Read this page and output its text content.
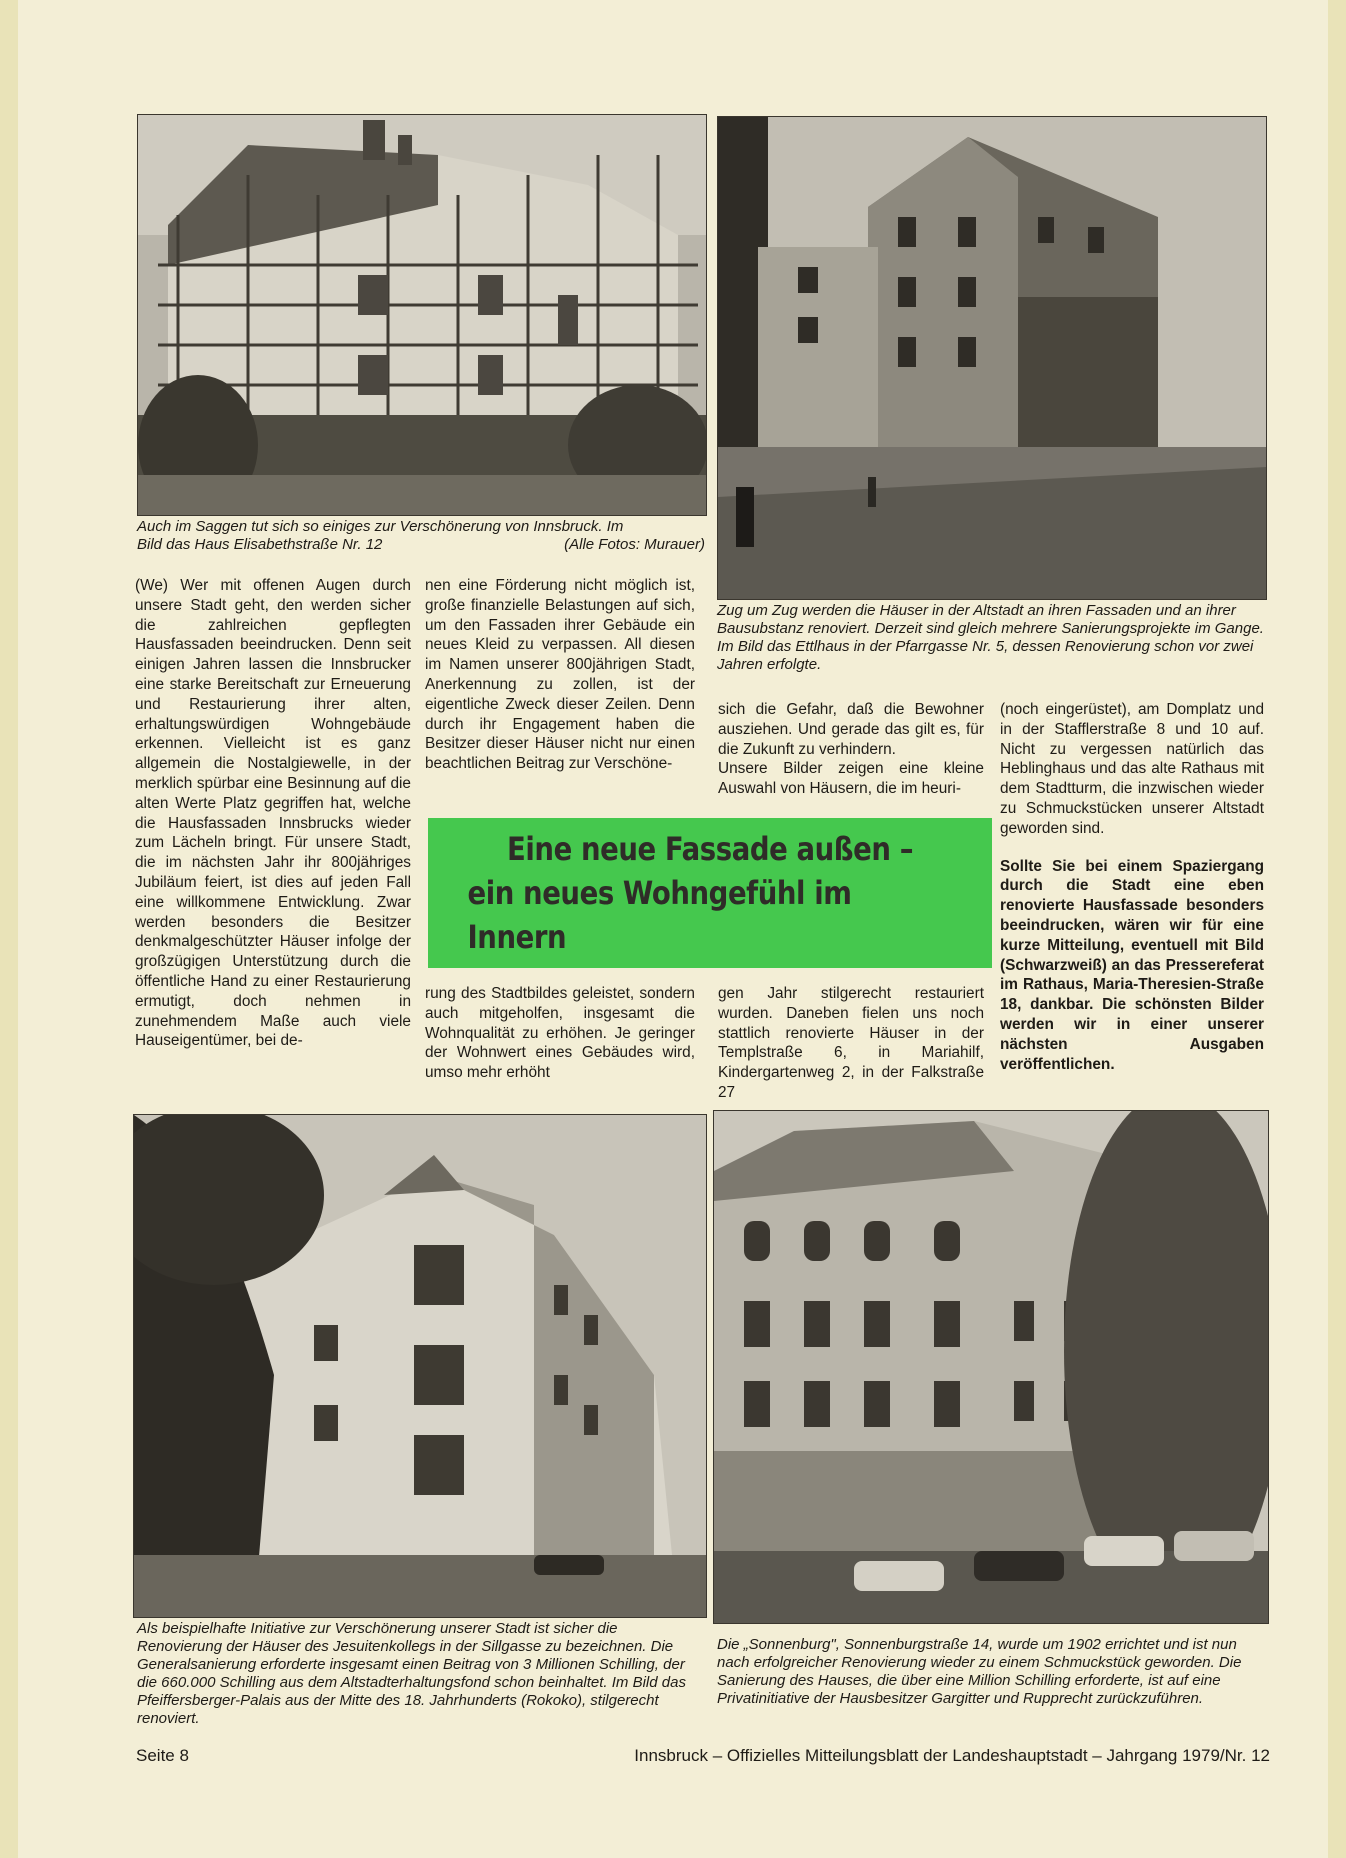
Auch im Saggen tut sich so einiges zur Verschönerung von Innsbruck. Im
Bild das Haus Elisabethstraße Nr. 12	(Alle Fotos: Murauer)
Zug um Zug werden die Häuser in der Altstadt an ihren Fassaden und an ihrer Bausubstanz renoviert. Derzeit sind gleich mehrere Sanierungsprojekte im Gange. Im Bild das Ettlhaus in der Pfarrgasse Nr. 5, dessen Renovierung schon vor zwei Jahren erfolgte.

(We) Wer mit offenen Augen durch unsere Stadt geht, den werden sicher die zahlreichen gepflegten Hausfassaden beeindrucken. Denn seit einigen Jahren lassen die Innsbrucker eine starke Bereitschaft zur Erneuerung und Restaurierung ihrer alten, erhaltungswürdigen Wohngebäude erkennen. Vielleicht ist es ganz allgemein die Nostalgiewelle, in der merklich spürbar eine Besinnung auf die alten Werte Platz gegriffen hat, welche die Hausfassaden Innsbrucks wieder zum Lächeln bringt. Für unsere Stadt, die im nächsten Jahr ihr 800jähriges Jubiläum feiert, ist dies auf jeden Fall eine willkommene Entwicklung. Zwar werden besonders die Besitzer denkmalgeschützter Häuser infolge der großzügigen Unterstützung durch die öffentliche Hand zu einer Restaurierung ermutigt, doch nehmen in zunehmendem Maße auch viele Hauseigentümer, bei de-

nen eine Förderung nicht möglich ist, große finanzielle Belastungen auf sich, um den Fassaden ihrer Gebäude ein neues Kleid zu verpassen. All diesen im Namen unserer 800jährigen Stadt, Anerkennung zu zollen, ist der eigentliche Zweck dieser Zeilen. Denn durch ihr Engagement haben die Besitzer dieser Häuser nicht nur einen beachtlichen Beitrag zur Verschöne-

sich die Gefahr, daß die Bewohner ausziehen. Und gerade das gilt es, für die Zukunft zu verhindern.

Unsere Bilder zeigen eine kleine Auswahl von Häusern, die im heuri-

(noch eingerüstet), am Domplatz und in der Stafflerstraße 8 und 10 auf. Nicht zu vergessen natürlich das Heblinghaus und das alte Rathaus mit dem Stadtturm, die inzwischen wieder zu Schmuckstücken unserer Altstadt geworden sind.

Sollte Sie bei einem Spaziergang durch die Stadt eine eben renovierte Hausfassade besonders beeindrucken, wären wir für eine kurze Mitteilung, eventuell mit Bild (Schwarzweiß) an das Pressereferat im Rathaus, Maria-Theresien-Straße 18, dankbar. Die schönsten Bilder werden wir in einer unserer nächsten Ausgaben veröffentlichen.

Eine neue Fassade außen –
ein neues Wohngefühl im Innern

rung des Stadtbildes geleistet, sondern auch mitgeholfen, insgesamt die Wohnqualität zu erhöhen. Je geringer der Wohnwert eines Gebäudes wird, umso mehr erhöht

gen Jahr stilgerecht restauriert wurden. Daneben fielen uns noch stattlich renovierte Häuser in der Templstraße 6, in Mariahilf, Kindergartenweg 2, in der Falkstraße 27

Als beispielhafte Initiative zur Verschönerung unserer Stadt ist sicher die Renovierung der Häuser des Jesuitenkollegs in der Sillgasse zu bezeichnen. Die Generalsanierung erforderte insgesamt einen Beitrag von 3 Millionen Schilling, der die 660.000 Schilling aus dem Altstadterhaltungsfond schon beinhaltet. Im Bild das Pfeiffersberger-Palais aus der Mitte des 18. Jahrhunderts (Rokoko), stilgerecht renoviert.
Die „Sonnenburg", Sonnenburgstraße 14, wurde um 1902 errichtet und ist nun nach erfolgreicher Renovierung wieder zu einem Schmuckstück geworden. Die Sanierung des Hauses, die über eine Million Schilling erforderte, ist auf eine Privatinitiative der Hausbesitzer Gargitter und Rupprecht zurückzuführen.
Seite 8	Innsbruck – Offizielles Mitteilungsblatt der Landeshauptstadt – Jahrgang 1979/Nr. 12
